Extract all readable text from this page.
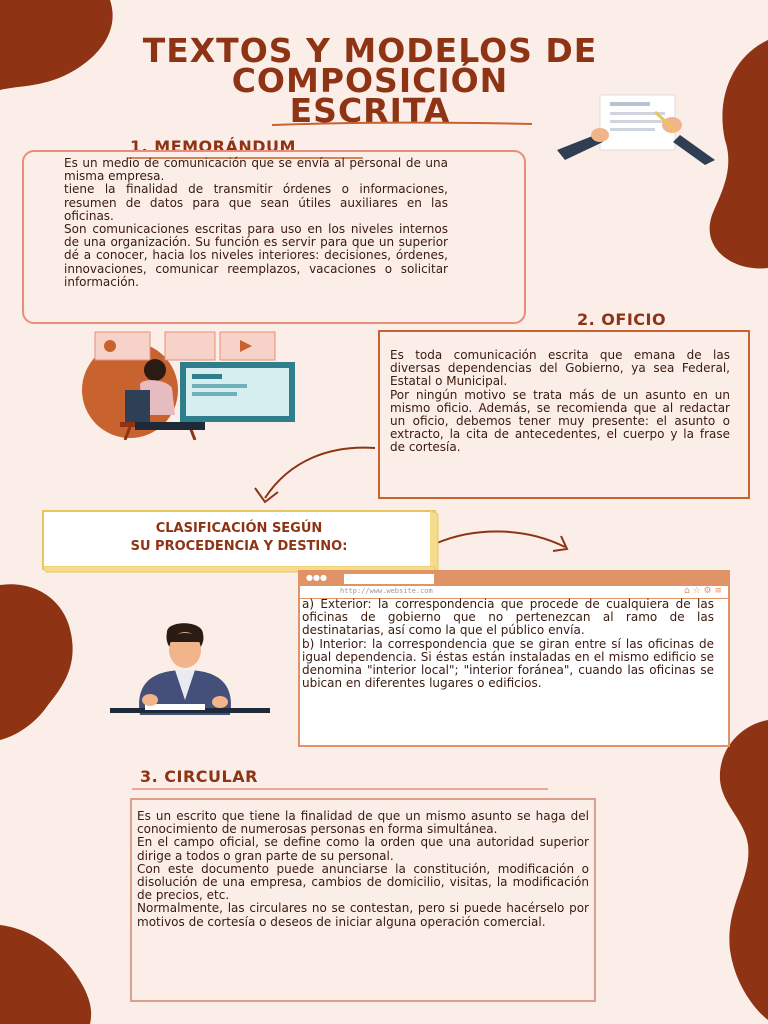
TEXTOS Y MODELOS DE
COMPOSICIÓN
ESCRITA
1. MEMORÁNDUM
Es un medio de comunicación que se envía al personal de una misma empresa.
tiene la finalidad de transmitir órdenes o informaciones, resumen de datos para que sean útiles auxiliares en las oficinas.
Son comunicaciones escritas para uso en los niveles internos de una organización. Su función es servir para que un superior dé a conocer, hacia los niveles interiores: decisiones, órdenes, innovaciones, comunicar reemplazos, vacaciones o solicitar información.
2. OFICIO
Es toda comunicación escrita que emana de las diversas dependencias del Gobierno, ya sea Federal, Estatal o Municipal.
Por ningún motivo se trata más de un asunto en un mismo oficio. Además, se recomienda que al redactar un oficio, debemos tener muy presente: el asunto o extracto, la cita de antecedentes, el cuerpo y la frase de cortesía.
CLASIFICACIÓN SEGÚN
SU PROCEDENCIA Y DESTINO:
●●●
http://www.website.com	⌂ ☆ ⚙ ≡
a) Exterior: la correspondencia que procede de cualquiera de las oficinas de gobierno que no pertenezcan al ramo de las destinatarias, así como la que el público envía.
b) Interior: la correspondencia que se giran entre sí las oficinas de igual dependencia. Si éstas están instaladas en el mismo edificio se denomina "interior local"; "interior foránea", cuando las oficinas se ubican en diferentes lugares o edificios.
3. CIRCULAR
Es un escrito que tiene la finalidad de que un mismo asunto se haga del conocimiento de numerosas personas en forma simultánea.
En el campo oficial, se define como la orden que una autoridad superior dirige a todos o gran parte de su personal.
Con este documento puede anunciarse la constitución, modificación o disolución de una empresa, cambios de domicilio, visitas, la modificación de precios, etc.
Normalmente, las circulares no se contestan, pero si puede hacérselo por motivos de cortesía o deseos de iniciar alguna operación comercial.
